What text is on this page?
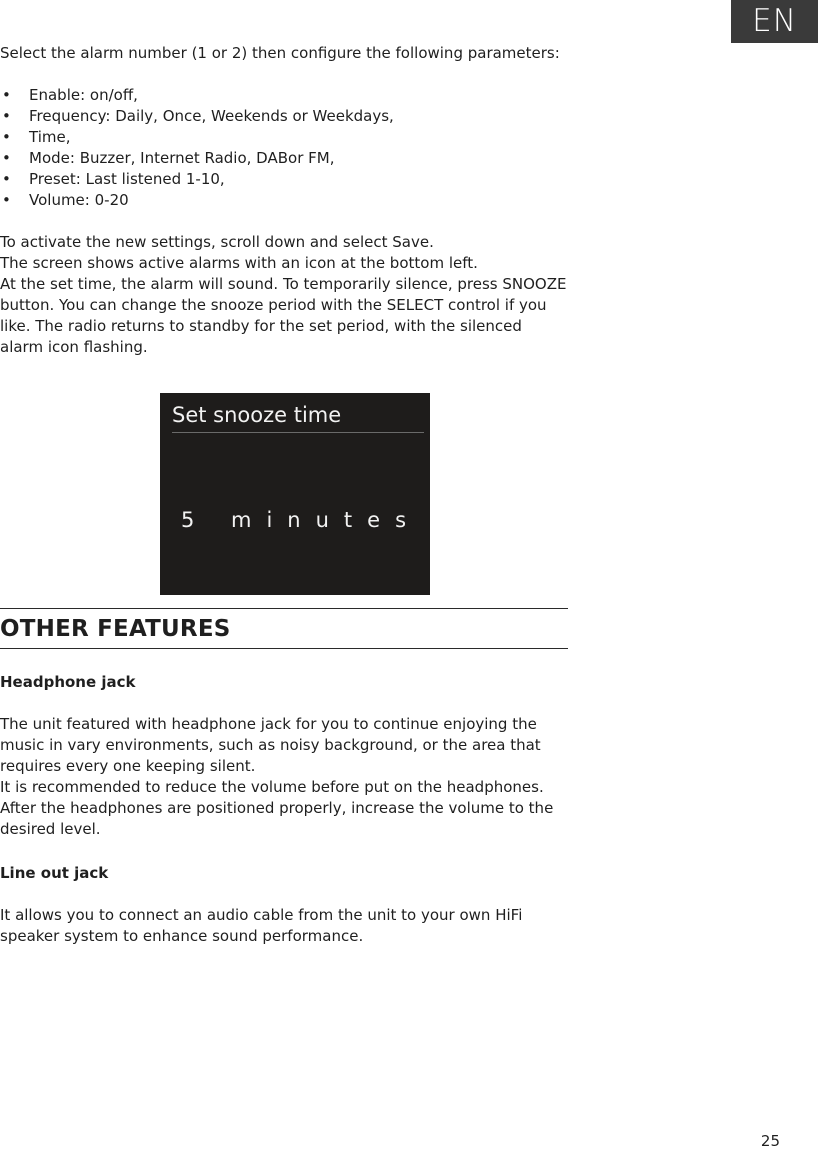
EN

Select the alarm number (1 or 2) then configure the following parameters:

• Enable: on/off,
• Frequency: Daily, Once, Weekends or Weekdays,
• Time,
• Mode: Buzzer, Internet Radio, DABor FM,
• Preset: Last listened 1-10,
• Volume: 0-20

To activate the new settings, scroll down and select Save.

The screen shows active alarms with an icon at the bottom left.

At the set time, the alarm will sound. To temporarily silence, press SNOOZE button. You can change the snooze period with the SELECT control if you like. The radio returns to standby for the set period, with the silenced alarm icon flashing.

Set snooze time
5 minutes
OTHER FEATURES
Headphone jack

The unit featured with headphone jack for you to continue enjoying the music in vary environments, such as noisy background, or the area that requires every one keeping silent.

It is recommended to reduce the volume before put on the headphones. After the headphones are positioned properly, increase the volume to the desired level.

Line out jack

It allows you to connect an audio cable from the unit to your own HiFi speaker system to enhance sound performance.

25
